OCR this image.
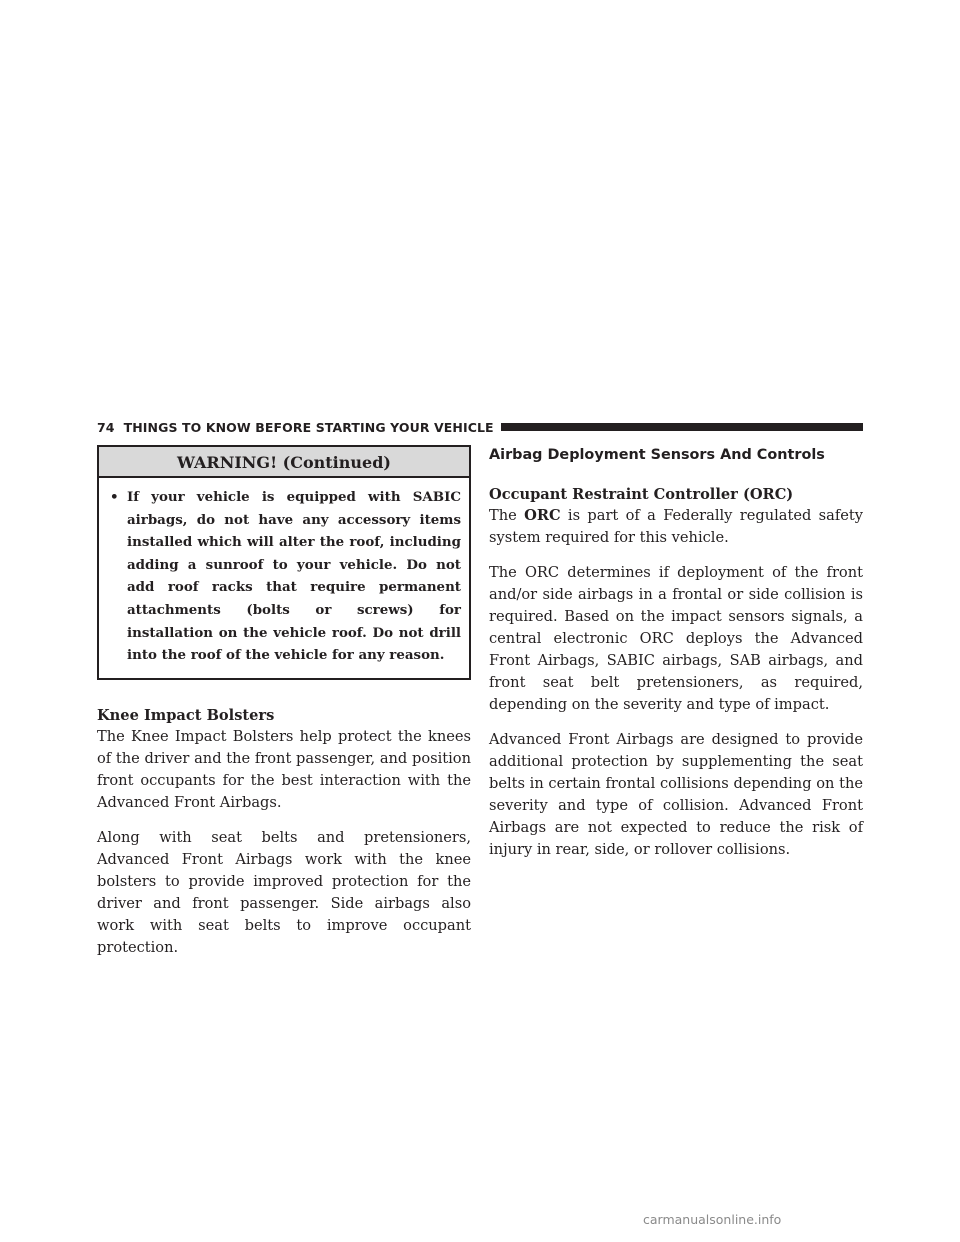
74 THINGS TO KNOW BEFORE STARTING YOUR VEHICLE
WARNING! (Continued)
• If your vehicle is equipped with SABIC airbags, do not have any accessory items installed which will alter the roof, including adding a sunroof to your vehicle. Do not add roof racks that require permanent attachments (bolts or screws) for installation on the vehicle roof. Do not drill into the roof of the vehicle for any reason.
Knee Impact Bolsters

The Knee Impact Bolsters help protect the knees of the driver and the front passenger, and position front occupants for the best interaction with the Advanced Front Airbags.

Along with seat belts and pretensioners, Advanced Front Airbags work with the knee bolsters to provide improved protection for the driver and front passenger. Side airbags also work with seat belts to improve occupant protection.

Airbag Deployment Sensors And Controls
Occupant Restraint Controller (ORC)

The ORC is part of a Federally regulated safety system required for this vehicle.

The ORC determines if deployment of the front and/or side airbags in a frontal or side collision is required. Based on the impact sensors signals, a central electronic ORC deploys the Advanced Front Airbags, SABIC airbags, SAB airbags, and front seat belt pretensioners, as required, depending on the severity and type of impact.

Advanced Front Airbags are designed to provide additional protection by supplementing the seat belts in certain frontal collisions depending on the severity and type of collision. Advanced Front Airbags are not expected to reduce the risk of injury in rear, side, or rollover collisions.

carmanualsonline.info
